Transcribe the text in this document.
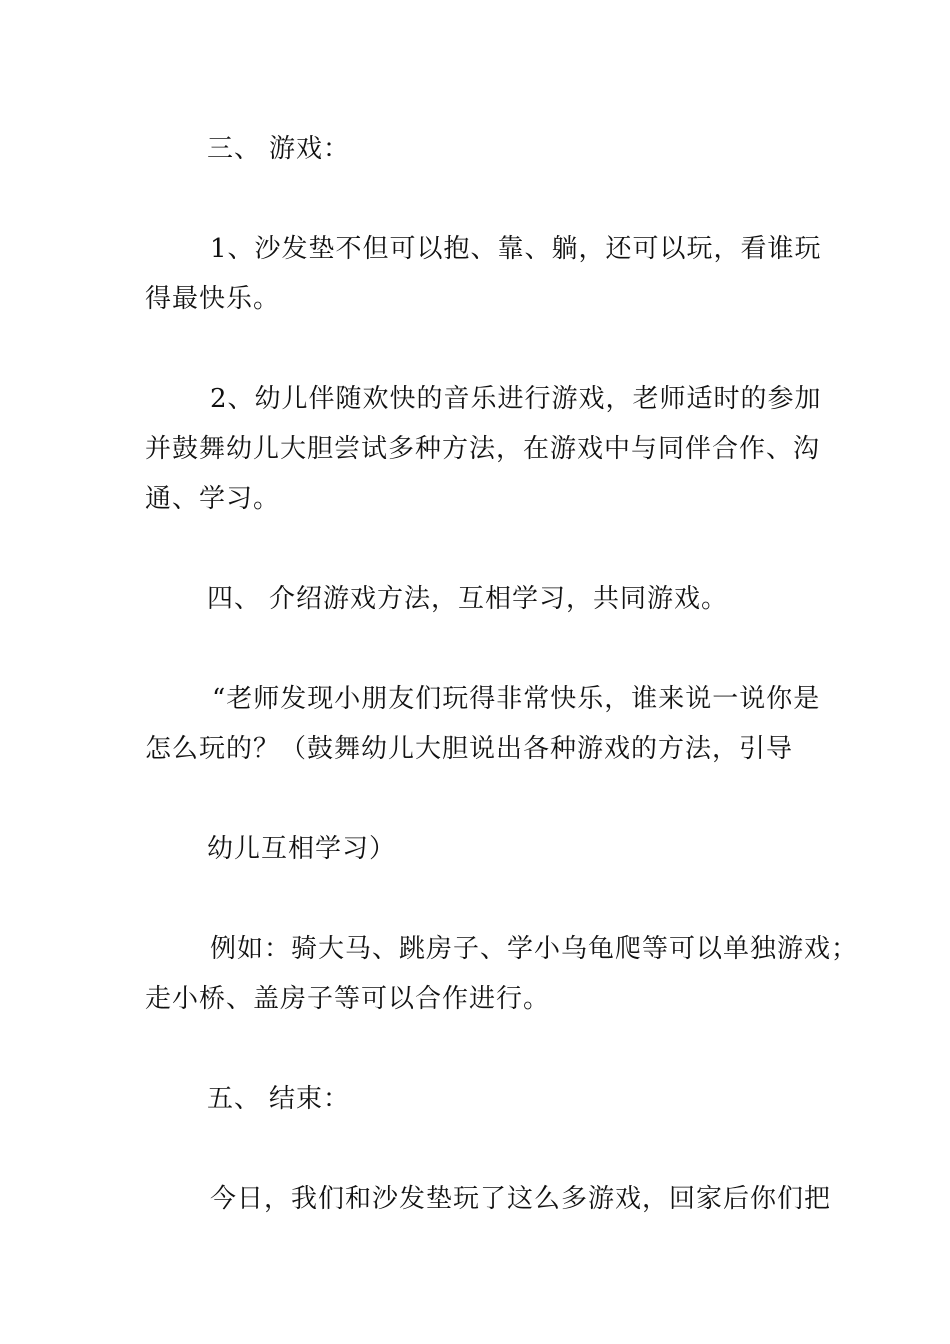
三、 游戏：
1、沙发垫不但可以抱、靠、躺，还可以玩，看谁玩
得最快乐。
2、幼儿伴随欢快的音乐进行游戏，老师适时的参加
并鼓舞幼儿大胆尝试多种方法，在游戏中与同伴合作、沟
通、学习。
四、 介绍游戏方法，互相学习，共同游戏。
“老师发现小朋友们玩得非常快乐，谁来说一说你是
怎么玩的？（鼓舞幼儿大胆说出各种游戏的方法，引导
幼儿互相学习）
例如：骑大马、跳房子、学小乌龟爬等可以单独游戏；
走小桥、盖房子等可以合作进行。
五、 结束：
今日，我们和沙发垫玩了这么多游戏，回家后你们把
